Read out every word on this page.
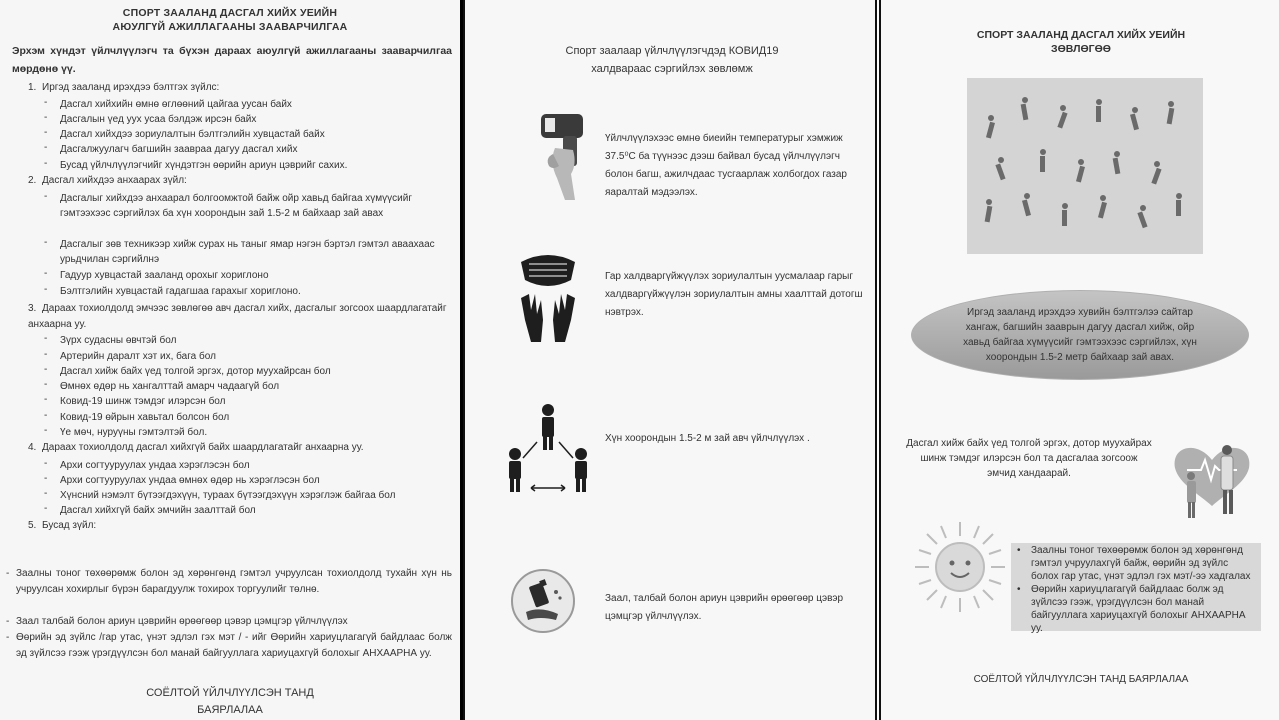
СПОРТ ЗААЛАНД ДАСГАЛ ХИЙХ УЕИЙН
АЮУЛГҮЙ АЖИЛЛАГААНЫ ЗААВАРЧИЛГАА
Эрхэм хүндэт үйлчлүүлэгч та бүхэн дараах аюулгүй ажиллагааны зааварчилгаа мөрдөнө үү.
1. Иргэд зааланд ирэхдээ бэлтгэх зүйлс:
- Дасгал хийхийн өмнө өглөөний цайгаа уусан байх
- Дасгалын үед уух усаа бэлдэж ирсэн байх
- Дасгал хийхдээ зориулалтын бэлтгэлийн хувцастай байх
- Дасгалжуулагч багшийн заавраа дагуу дасгал хийх
- Бусад үйлчлүүлэгчийг хүндэтгэн өөрийн ариун цэврийг сахих.
2. Дасгал хийхдээ анхаарах зүйл:
- Дасгалыг хийхдээ анхаарал болгоомжтой байж ойр хавьд байгаа хүмүүсийг гэмтээхээс сэргийлэх ба хүн хоорондын зай 1.5-2 м байхаар зай авах
- Дасгалыг зөв техникээр хийж сурах нь таныг ямар нэгэн бэртэл гэмтэл аваахаас урьдчилан сэргийлнэ
- Гадуур хувцастай зааланд орохыг хориглоно
- Бэлтгэлийн хувцастай гадагшаа гарахыг хориглоно.
3. Дараах тохиолдолд эмчээс зөвлөгөө авч дасгал хийх, дасгалыг зогсоох шаардлагатайг анхаарна уу.
- Зүрх судасны өвчтэй бол
- Артерийн даралт хэт их, бага бол
- Дасгал хийж байх үед толгой эргэх, дотор муухайрсан бол
- Өмнөх өдөр нь хангалттай амарч чадаагүй бол
- Ковид-19 шинж тэмдэг илэрсэн бол
- Ковид-19 өйрын хавьтал болсон бол
- Үе мөч, нуруүны гэмтэлтэй бол.
4. Дараах тохиолдолд дасгал хийхгүй байх шаардлагатайг анхаарна уу.
- Архи согтууруулах ундаа хэрэглэсэн бол
- Архи согтууруулах ундаа өмнөх өдөр нь хэрэглэсэн бол
- Хүнсний нэмэлт бүтээгдэхүүн, тураах бүтээгдэхүүн хэрэглэж байгаа бол
- Дасгал хийхгүй байх эмчийн заалттай бол
5. Бусад зүйл:
- Заалны тоног төхөөрөмж болон эд хөрөнгөнд гэмтэл учруулсан тохиолдолд тухайн хүн нь учруулсан хохирлыг бүрэн барагдуулж тохирох торгуулийг төлнө.
- Заал талбай болон ариун цэврийн өрөөгөөр цэвэр цэмцгэр үйлчлүүлэх
- Өөрийн эд зүйлс /гар утас, үнэт эдлэл гэх мэт / - ийг Өөрийн хариуцлагагүй байдлаас болж эд зүйлсээ гээж үрэгдүүлсэн бол манай байгууллага хариуцахгүй болохыг АНХААРНА уу.
СОЁЛТОЙ ҮЙЛЧЛҮҮЛСЭН ТАНД
БАЯРЛАЛАА
Спорт заалаар үйлчлүүлэгчдэд КОВИД19
халдвараас сэргийлэх зөвлөмж
Үйлчлүүлэхээс өмнө биеийн температурыг хэмжиж 37.5⁰С ба түүнээс дээш байвал бусад үйлчлүүлэгч болон багш, ажилчдаас тусгаарлаж холбогдох газар яаралтай мэдээлэх.
Гар халдваргүйжүүлэх зориулалтын уусмалаар гарыг халдваргүйжүүлэн зориулалтын амны хаалттай дотогш нэвтрэх.
Хүн хоорондын 1.5-2 м зай авч үйлчлүүлэх .
Заал, талбай болон ариун цэврийн өрөөгөөр цэвэр цэмцгэр үйлчлүүлэх.
СПОРТ ЗААЛАНД ДАСГАЛ ХИЙХ УЕИЙН
ЗӨВЛӨГӨӨ
Иргэд зааланд ирэхдээ хувийн бэлтгэлээ сайтар хангаж, багшийн зааврын дагуу дасгал хийж, ойр хавьд байгаа хүмүүсийг гэмтээхээс сэргийлэх, хүн хоорондын 1.5-2 метр байхаар зай авах.
Дасгал хийж байх үед толгой эргэх, дотор муухайрах шинж тэмдэг илэрсэн бол та дасгалаа зогсоож эмчид хандаарай.
• Заалны тоног төхөөрөмж болон эд хөрөнгөнд гэмтэл учруулахгүй байж, өөрийн эд зүйлс болох гар утас, үнэт эдлэл гэх мэт/-ээ хадгалах
• Өөрийн хариуцлагагүй байдлаас болж эд зүйлсээ гээж, үрэгдүүлсэн бол манай байгууллага хариуцахгүй болохыг АНХААРНА уу.
СОЁЛТОЙ ҮЙЛЧЛҮҮЛСЭН ТАНД БАЯРЛАЛАА
